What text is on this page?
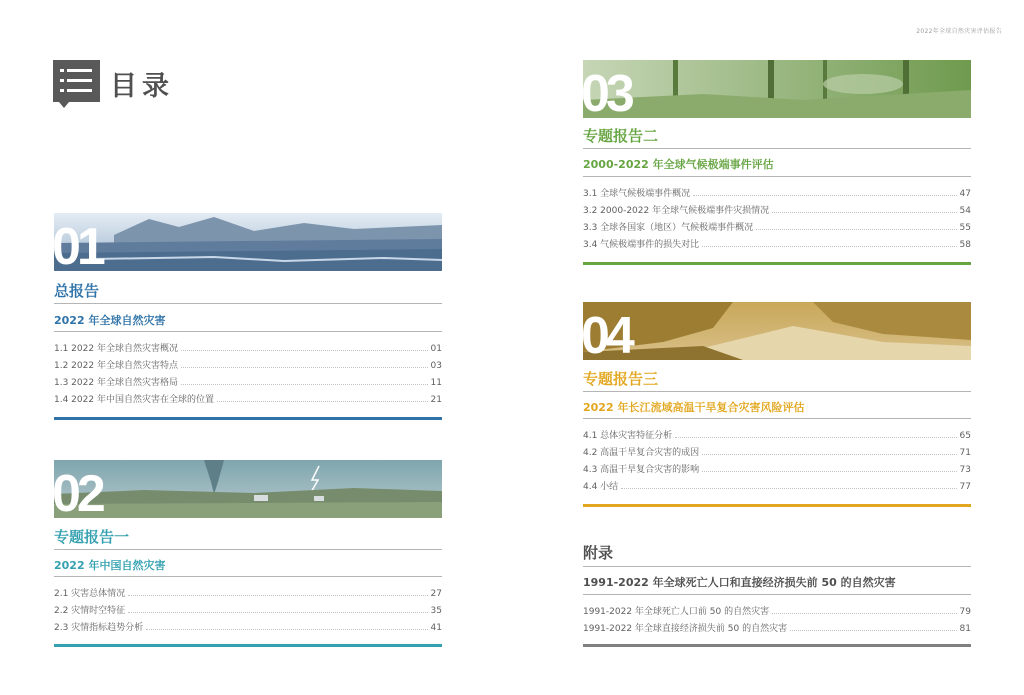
2022年全球自然灾害评估报告
目录
01
总报告
2022 年全球自然灾害
1.1 2022 年全球自然灾害概况	01
1.2 2022 年全球自然灾害特点	03
1.3 2022 年全球自然灾害格局	11
1.4 2022 年中国自然灾害在全球的位置	21
02
专题报告一
2022 年中国自然灾害
2.1 灾害总体情况	27
2.2 灾情时空特征	35
2.3 灾情指标趋势分析	41
03
专题报告二
2000-2022 年全球气候极端事件评估
3.1 全球气候极端事件概况	47
3.2 2000-2022 年全球气候极端事件灾损情况	54
3.3 全球各国家（地区）气候极端事件概况	55
3.4 气候极端事件的损失对比	58
04
专题报告三
2022 年长江流域高温干旱复合灾害风险评估
4.1 总体灾害特征分析	65
4.2 高温干旱复合灾害的成因	71
4.3 高温干旱复合灾害的影响	73
4.4 小结	77
附录
1991-2022 年全球死亡人口和直接经济损失前 50 的自然灾害
1991-2022 年全球死亡人口前 50 的自然灾害	79
1991-2022 年全球直接经济损失前 50 的自然灾害	81
